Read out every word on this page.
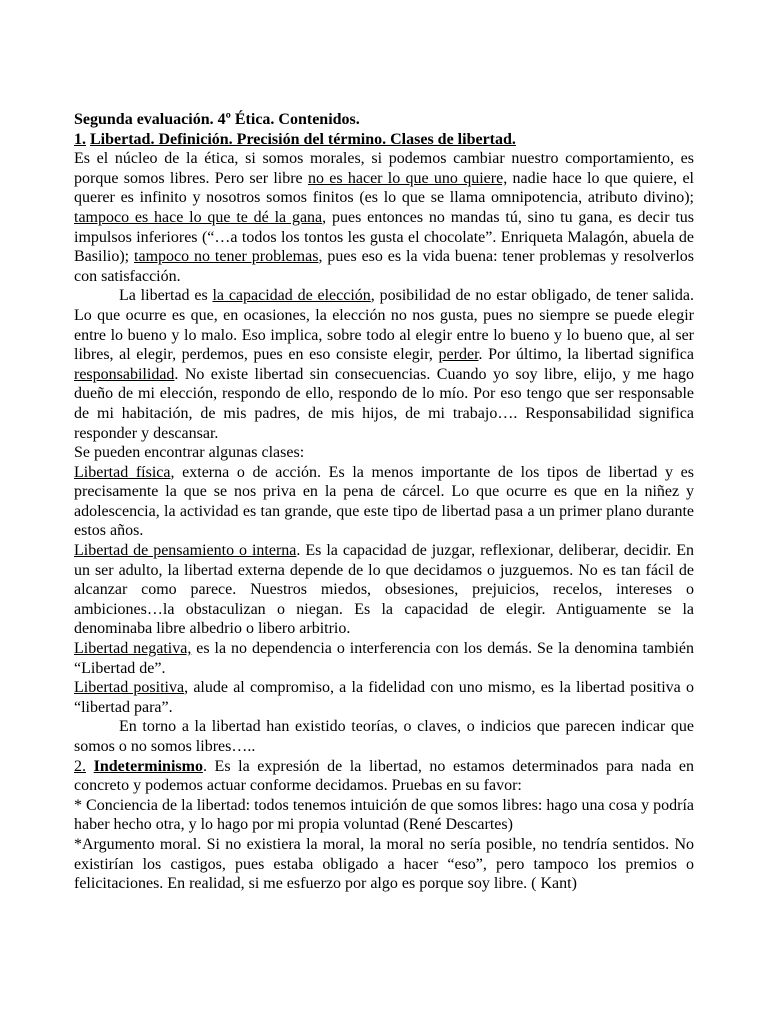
Segunda evaluación. 4º Ética. Contenidos.

1. Libertad. Definición. Precisión del término. Clases de libertad.

Es el núcleo de la ética, si somos morales, si podemos cambiar nuestro comportamiento, es porque somos libres. Pero ser libre no es hacer lo que uno quiere, nadie hace lo que quiere, el querer es infinito y nosotros somos finitos (es lo que se llama omnipotencia, atributo divino); tampoco es hace lo que te dé la gana, pues entonces no mandas tú, sino tu gana, es decir tus impulsos inferiores (“…a todos los tontos les gusta el chocolate”. Enriqueta Malagón, abuela de Basilio); tampoco no tener problemas, pues eso es la vida buena: tener problemas y resolverlos con satisfacción.

La libertad es la capacidad de elección, posibilidad de no estar obligado, de tener salida. Lo que ocurre es que, en ocasiones, la elección no nos gusta, pues no siempre se puede elegir entre lo bueno y lo malo. Eso implica, sobre todo al elegir entre lo bueno y lo bueno que, al ser libres, al elegir, perdemos, pues en eso consiste elegir, perder. Por último, la libertad significa responsabilidad. No existe libertad sin consecuencias. Cuando yo soy libre, elijo, y me hago dueño de mi elección, respondo de ello, respondo de lo mío. Por eso tengo que ser responsable de mi habitación, de mis padres, de mis hijos, de mi trabajo…. Responsabilidad significa responder y descansar.

Se pueden encontrar algunas clases:

Libertad física, externa o de acción. Es la menos importante de los tipos de libertad y es precisamente la que se nos priva en la pena de cárcel. Lo que ocurre es que en la niñez y adolescencia, la actividad es tan grande, que este tipo de libertad pasa a un primer plano durante estos años.

Libertad de pensamiento o interna. Es la capacidad de juzgar, reflexionar, deliberar, decidir. En un ser adulto, la libertad externa depende de lo que decidamos o juzguemos. No es tan fácil de alcanzar como parece. Nuestros miedos, obsesiones, prejuicios, recelos, intereses o ambiciones…la obstaculizan o niegan. Es la capacidad de elegir. Antiguamente se la denominaba libre albedrio o libero arbitrio.

Libertad negativa, es la no dependencia o interferencia con los demás. Se la denomina también “Libertad de”.

Libertad positiva, alude al compromiso, a la fidelidad con uno mismo, es la libertad positiva o “libertad para”.

En torno a la libertad han existido teorías, o claves, o indicios que parecen indicar que somos o no somos libres…..

2. Indeterminismo. Es la expresión de la libertad, no estamos determinados para nada en concreto y podemos actuar conforme decidamos. Pruebas en su favor:

* Conciencia de la libertad: todos tenemos intuición de que somos libres: hago una cosa y podría haber hecho otra, y lo hago por mi propia voluntad (René Descartes)

*Argumento moral. Si no existiera la moral, la moral no sería posible, no tendría sentidos. No existirían los castigos, pues estaba obligado a hacer “eso”, pero tampoco los premios o felicitaciones. En realidad, si me esfuerzo por algo es porque soy libre. ( Kant)
